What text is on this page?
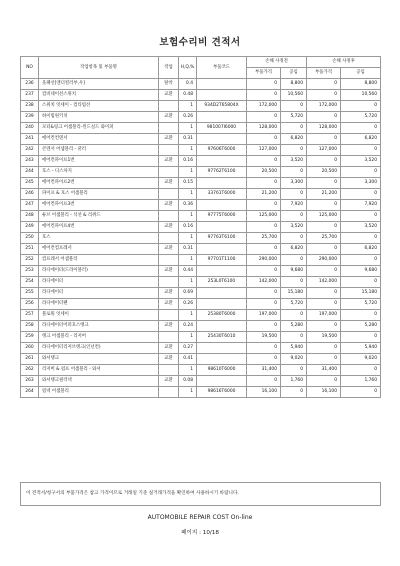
보험수리비 견적서
NO	작업항목 및 부품명	작업	H,Q,%	부품코드	손해 사정전		손해 사정후	
					부품가격	공임	부품가격	공임
236	웃패션[앤더컬러부,우]	탈착	0.4		0	8,800	0	8,800
237	컴비네이션스위치	교환	0.48		0	10,560	0	10,560
238	스위치 엇세이 - 컴티빔선		1	934D2T65804X	172,000	0	172,000	0
239	하이빔원키치	교환	0.26		0	5,720	0	5,720
240	모터&링크 어셈블리-윈드실드 와이퍼		1	981007I6000	128,000	0	128,000	0
241	에어컨컨덴서	교환	0.31		0	6,820	0	6,820
242	콘덴서 어셈블리 - 쿨러		1	97606T6000	127,000	0	127,000	0
243	에어컨파이프1번	교환	0.16		0	3,520	0	3,520
244	호스 - 디스차지		1	97762T6100	20,500	0	20,500	0
245	에어컨파이프2번	교환	0.15		0	3,300	0	3,300
246	파이프 & 호스 어셈블리		1	33761T6000	21,200	0	21,200	0
247	에어컨파이프3번	교환	0.36		0	7,920	0	7,920
248	튜브 어셈블리 - 석션 & 리퀴드		1	97775T6000	125,000	0	125,000	0
249	에어컨파이프4번	교환	0.16		0	3,520	0	3,520
250	호스		1	97763T6100	25,700	0	25,700	0
251	에어컨컴프레서	교환	0.31		0	6,820	0	6,820
252	컴프레서 어셈블리		1	97701T1100	290,000	0	290,000	0
253	라디에이터(드라이블러)	교환	0.44		0	9,680	0	9,680
254	라디에이터		1	253L0T6100	142,000	0	142,000	0
255	라디에이터	교환	0.69		0	15,180	0	15,180
256	라디에이터팬	교환	0.26		0	5,720	0	5,720
257	블로워 엇세이		1	25380T6000	197,000	0	197,000	0
258	라디에이터어퍼호스탱크	교환	0.24		0	5,280	0	5,280
259	탱크 어셈블리 - 리저버		1	25430T6010	19,500	0	19,500	0
260	라디에이터리저브탱크(인넌컨)	교환	0.27		0	5,940	0	5,940
261	와셔탱크	교환	0.41		0	9,020	0	9,020
262	리저버 & 펌프 어셈블리 - 와셔		1	98610T6000	31,400	0	31,400	0
263	와셔탱크필러넥	교환	0.08		0	1,760	0	1,760
264	펌넥 어셈블리		1	98616T6000	16,100	0	16,100	0
이 견적서/청구서의 부품가격은 참고 가격이므로 거래일 기준 실거래가격을 확인하여 사용하시기 바랍니다.
AUTOMOBILE REPAIR COST On-line
페이지 : 10/18
